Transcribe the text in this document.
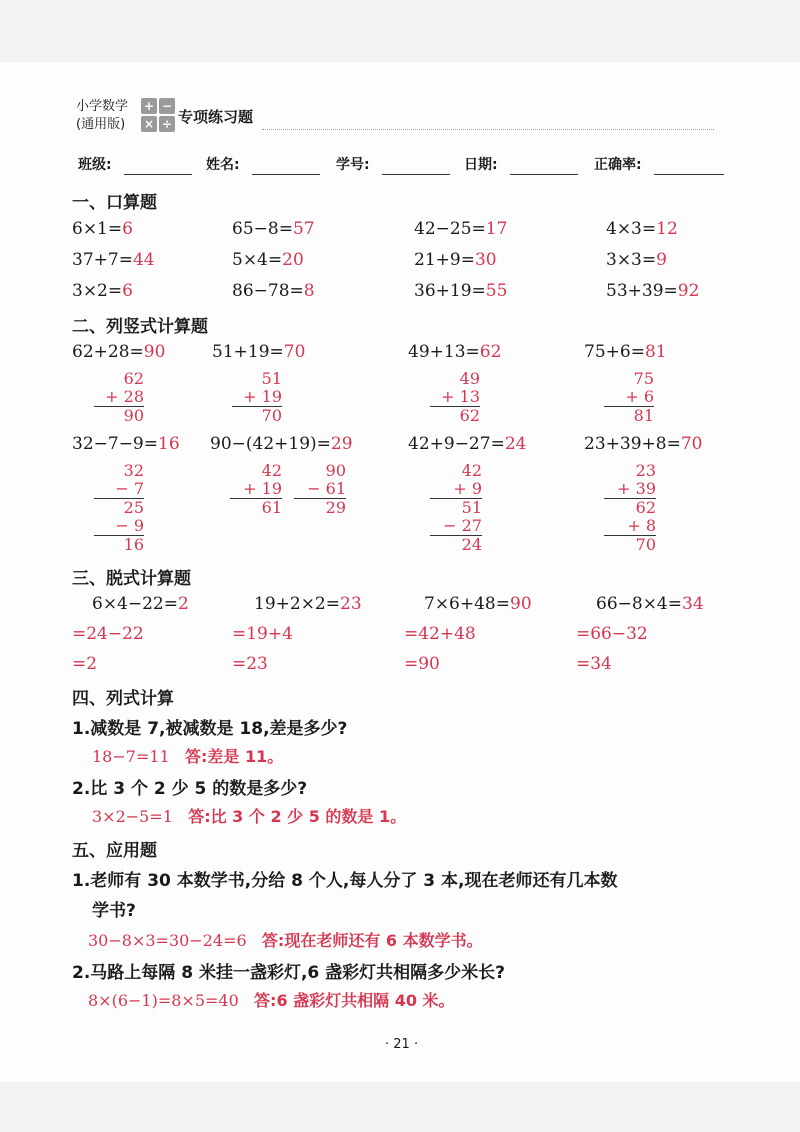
小学数学
(通用版)
+ −
× ÷ 专项练习题
班级:	姓名:	学号:	日期:	正确率:
一、口算题
6×1=6	65−8=57	42−25=17	4×3=12
37+7=44	5×4=20	21+9=30	3×3=9
3×2=6	86−78=8	36+19=55	53+39=92
二、列竖式计算题
62+28=90	51+19=70	49+13=62	75+6=81
62
+ 28
90
51
+ 19
70
49
+ 13
62
75
+ 6
81
32−7−9=16 90−(42+19)=29	42+9−27=24	23+39+8=70
32
− 7
25
− 9
16
42
+ 19
61
90
− 61
29
42
+ 9
51
− 27
24
23
+ 39
62
+ 8
70
三、脱式计算题
6×4−22=2	19+2×2=23	7×6+48=90	66−8×4=34
=24−22	=19+4	=42+48	=66−32
=2	=23	=90	=34
四、列式计算
1.减数是 7,被减数是 18,差是多少?
18−7=11 答:差是 11。
2.比 3 个 2 少 5 的数是多少?
3×2−5=1 答:比 3 个 2 少 5 的数是 1。
五、应用题
1.老师有 30 本数学书,分给 8 个人,每人分了 3 本,现在老师还有几本数
学书?
30−8×3=30−24=6 答:现在老师还有 6 本数学书。
2.马路上每隔 8 米挂一盏彩灯,6 盏彩灯共相隔多少米长?
8×(6−1)=8×5=40 答:6 盏彩灯共相隔 40 米。
· 21 ·
